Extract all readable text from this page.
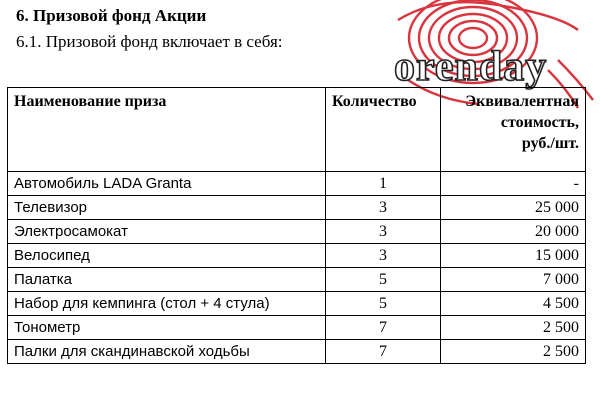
orenday
6. Призовой фонд Акции
6.1. Призовой фонд включает в себя:
Наименование приза	Количество	Эквивалентная
стоимость,
руб./шт.
Автомобиль LADA Granta	1	-
Телевизор	3	25 000
Электросамокат	3	20 000
Велосипед	3	15 000
Палатка	5	7 000
Набор для кемпинга (стол + 4 стула)	5	4 500
Тонометр	7	2 500
Палки для скандинавской ходьбы	7	2 500
